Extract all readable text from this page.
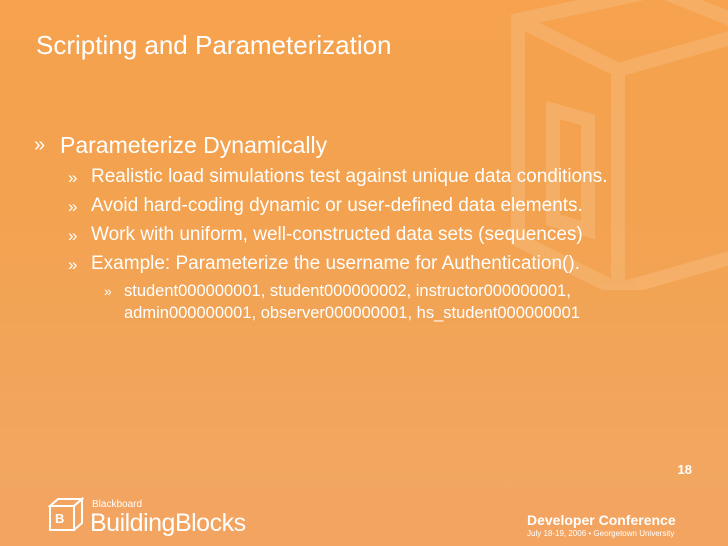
Scripting and Parameterization
» Parameterize Dynamically
» Realistic load simulations test against unique data conditions.
» Avoid hard-coding dynamic or user-defined data elements.
» Work with uniform, well-constructed data sets (sequences)
» Example: Parameterize the username for Authentication().
» student000000001, student000000002, instructor000000001, admin000000001, observer000000001, hs_student000000001
18
B
Blackboard
BuildingBlocks	Developer Conference
July 18-19, 2006 • Georgetown University
